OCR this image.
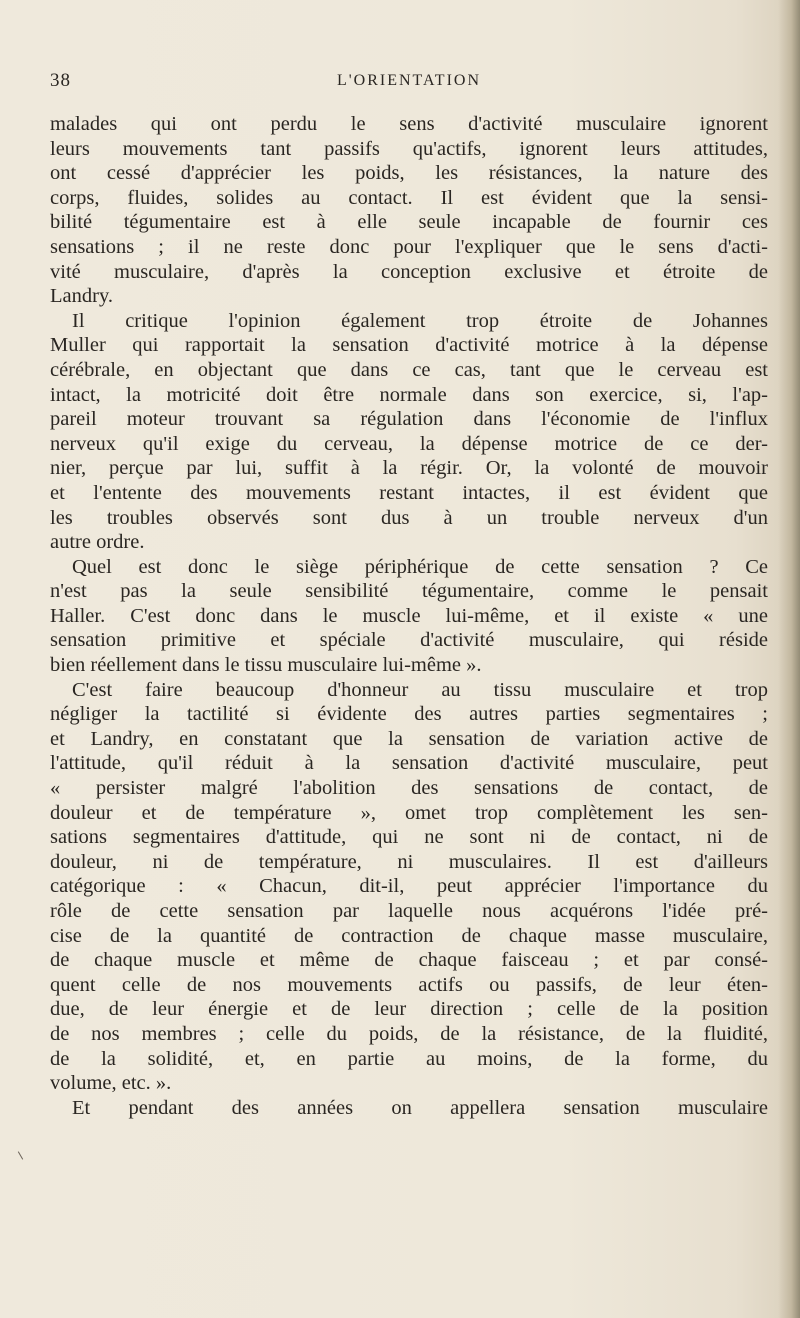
38	L'ORIENTATION
malades qui ont perdu le sens d'activité musculaire ignorent
leurs mouvements tant passifs qu'actifs, ignorent leurs attitudes,
ont cessé d'apprécier les poids, les résistances, la nature des
corps, fluides, solides au contact. Il est évident que la sensi-
bilité tégumentaire est à elle seule incapable de fournir ces
sensations ; il ne reste donc pour l'expliquer que le sens d'acti-
vité musculaire, d'après la conception exclusive et étroite de
Landry.
Il critique l'opinion également trop étroite de Johannes
Muller qui rapportait la sensation d'activité motrice à la dépense
cérébrale, en objectant que dans ce cas, tant que le cerveau est
intact, la motricité doit être normale dans son exercice, si, l'ap-
pareil moteur trouvant sa régulation dans l'économie de l'influx
nerveux qu'il exige du cerveau, la dépense motrice de ce der-
nier, perçue par lui, suffit à la régir. Or, la volonté de mouvoir
et l'entente des mouvements restant intactes, il est évident que
les troubles observés sont dus à un trouble nerveux d'un
autre ordre.
Quel est donc le siège périphérique de cette sensation ? Ce
n'est pas la seule sensibilité tégumentaire, comme le pensait
Haller. C'est donc dans le muscle lui-même, et il existe « une
sensation primitive et spéciale d'activité musculaire, qui réside
bien réellement dans le tissu musculaire lui-même ».
C'est faire beaucoup d'honneur au tissu musculaire et trop
négliger la tactilité si évidente des autres parties segmentaires ;
et Landry, en constatant que la sensation de variation active de
l'attitude, qu'il réduit à la sensation d'activité musculaire, peut
« persister malgré l'abolition des sensations de contact, de
douleur et de température », omet trop complètement les sen-
sations segmentaires d'attitude, qui ne sont ni de contact, ni de
douleur, ni de température, ni musculaires. Il est d'ailleurs
catégorique : « Chacun, dit-il, peut apprécier l'importance du
rôle de cette sensation par laquelle nous acquérons l'idée pré-
cise de la quantité de contraction de chaque masse musculaire,
de chaque muscle et même de chaque faisceau ; et par consé-
quent celle de nos mouvements actifs ou passifs, de leur éten-
due, de leur énergie et de leur direction ; celle de la position
de nos membres ; celle du poids, de la résistance, de la fluidité,
de la solidité, et, en partie au moins, de la forme, du
volume, etc. ».
Et pendant des années on appellera sensation musculaire
